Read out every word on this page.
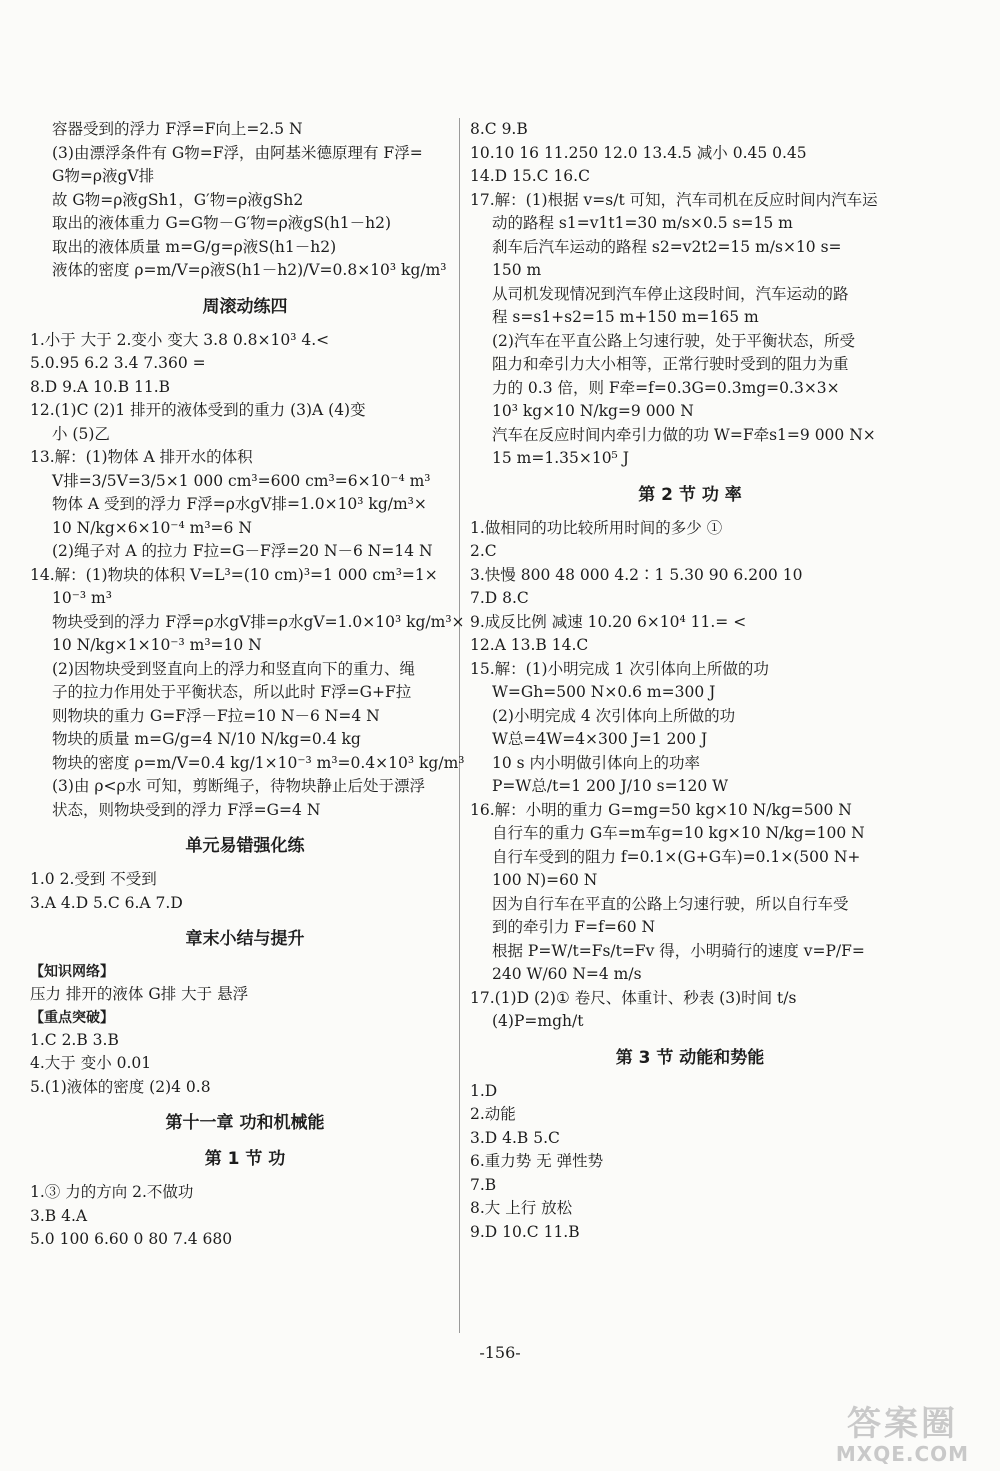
容器受到的浮力 F浮=F向上=2.5 N
(3)由漂浮条件有 G物=F浮，由阿基米德原理有 F浮=
G物=ρ液gV排
故 G物=ρ液gSh1，G′物=ρ液gSh2
取出的液体重力 G=G物－G′物=ρ液gS(h1－h2)
取出的液体质量 m=G/g=ρ液S(h1－h2)
液体的密度 ρ=m/V=ρ液S(h1－h2)/V=0.8×10³ kg/m³
周滚动练四
1.小于 大于 2.变小 变大 3.8 0.8×10³ 4.<
5.0.95 6.2 3.4 7.360 =
8.D 9.A 10.B 11.B
12.(1)C (2)1 排开的液体受到的重力 (3)A (4)变
小 (5)乙
13.解：(1)物体 A 排开水的体积
V排=3/5V=3/5×1 000 cm³=600 cm³=6×10⁻⁴ m³
物体 A 受到的浮力 F浮=ρ水gV排=1.0×10³ kg/m³×
10 N/kg×6×10⁻⁴ m³=6 N
(2)绳子对 A 的拉力 F拉=G－F浮=20 N－6 N=14 N
14.解：(1)物块的体积 V=L³=(10 cm)³=1 000 cm³=1×
10⁻³ m³
物块受到的浮力 F浮=ρ水gV排=ρ水gV=1.0×10³ kg/m³×
10 N/kg×1×10⁻³ m³=10 N
(2)因物块受到竖直向上的浮力和竖直向下的重力、绳
子的拉力作用处于平衡状态，所以此时 F浮=G+F拉
则物块的重力 G=F浮－F拉=10 N－6 N=4 N
物块的质量 m=G/g=4 N/10 N/kg=0.4 kg
物块的密度 ρ=m/V=0.4 kg/1×10⁻³ m³=0.4×10³ kg/m³
(3)由 ρ<ρ水 可知，剪断绳子，待物块静止后处于漂浮
状态，则物块受到的浮力 F浮=G=4 N
单元易错强化练
1.0 2.受到 不受到
3.A 4.D 5.C 6.A 7.D
章末小结与提升
【知识网络】
压力 排开的液体 G排 大于 悬浮
【重点突破】
1.C 2.B 3.B
4.大于 变小 0.01
5.(1)液体的密度 (2)4 0.8
第十一章 功和机械能
第 1 节 功
1.③ 力的方向 2.不做功
3.B 4.A
5.0 100 6.60 0 80 7.4 680
8.C 9.B
10.10 16 11.250 12.0 13.4.5 减小 0.45 0.45
14.D 15.C 16.C
17.解：(1)根据 v=s/t 可知，汽车司机在反应时间内汽车运
动的路程 s1=v1t1=30 m/s×0.5 s=15 m
刹车后汽车运动的路程 s2=v2t2=15 m/s×10 s=
150 m
从司机发现情况到汽车停止这段时间，汽车运动的路
程 s=s1+s2=15 m+150 m=165 m
(2)汽车在平直公路上匀速行驶，处于平衡状态，所受
阻力和牵引力大小相等，正常行驶时受到的阻力为重
力的 0.3 倍，则 F牵=f=0.3G=0.3mg=0.3×3×
10³ kg×10 N/kg=9 000 N
汽车在反应时间内牵引力做的功 W=F牵s1=9 000 N×
15 m=1.35×10⁵ J
第 2 节 功 率
1.做相同的功比较所用时间的多少 ①
2.C
3.快慢 800 48 000 4.2∶1 5.30 90 6.200 10
7.D 8.C
9.成反比例 减速 10.20 6×10⁴ 11.= <
12.A 13.B 14.C
15.解：(1)小明完成 1 次引体向上所做的功
W=Gh=500 N×0.6 m=300 J
(2)小明完成 4 次引体向上所做的功
W总=4W=4×300 J=1 200 J
10 s 内小明做引体向上的功率
P=W总/t=1 200 J/10 s=120 W
16.解：小明的重力 G=mg=50 kg×10 N/kg=500 N
自行车的重力 G车=m车g=10 kg×10 N/kg=100 N
自行车受到的阻力 f=0.1×(G+G车)=0.1×(500 N+
100 N)=60 N
因为自行车在平直的公路上匀速行驶，所以自行车受
到的牵引力 F=f=60 N
根据 P=W/t=Fs/t=Fv 得，小明骑行的速度 v=P/F=
240 W/60 N=4 m/s
17.(1)D (2)① 卷尺、体重计、秒表 (3)时间 t/s
(4)P=mgh/t
第 3 节 动能和势能
1.D
2.动能
3.D 4.B 5.C
6.重力势 无 弹性势
7.B
8.大 上行 放松
9.D 10.C 11.B
-156-
答案圈
MXQE.COM
